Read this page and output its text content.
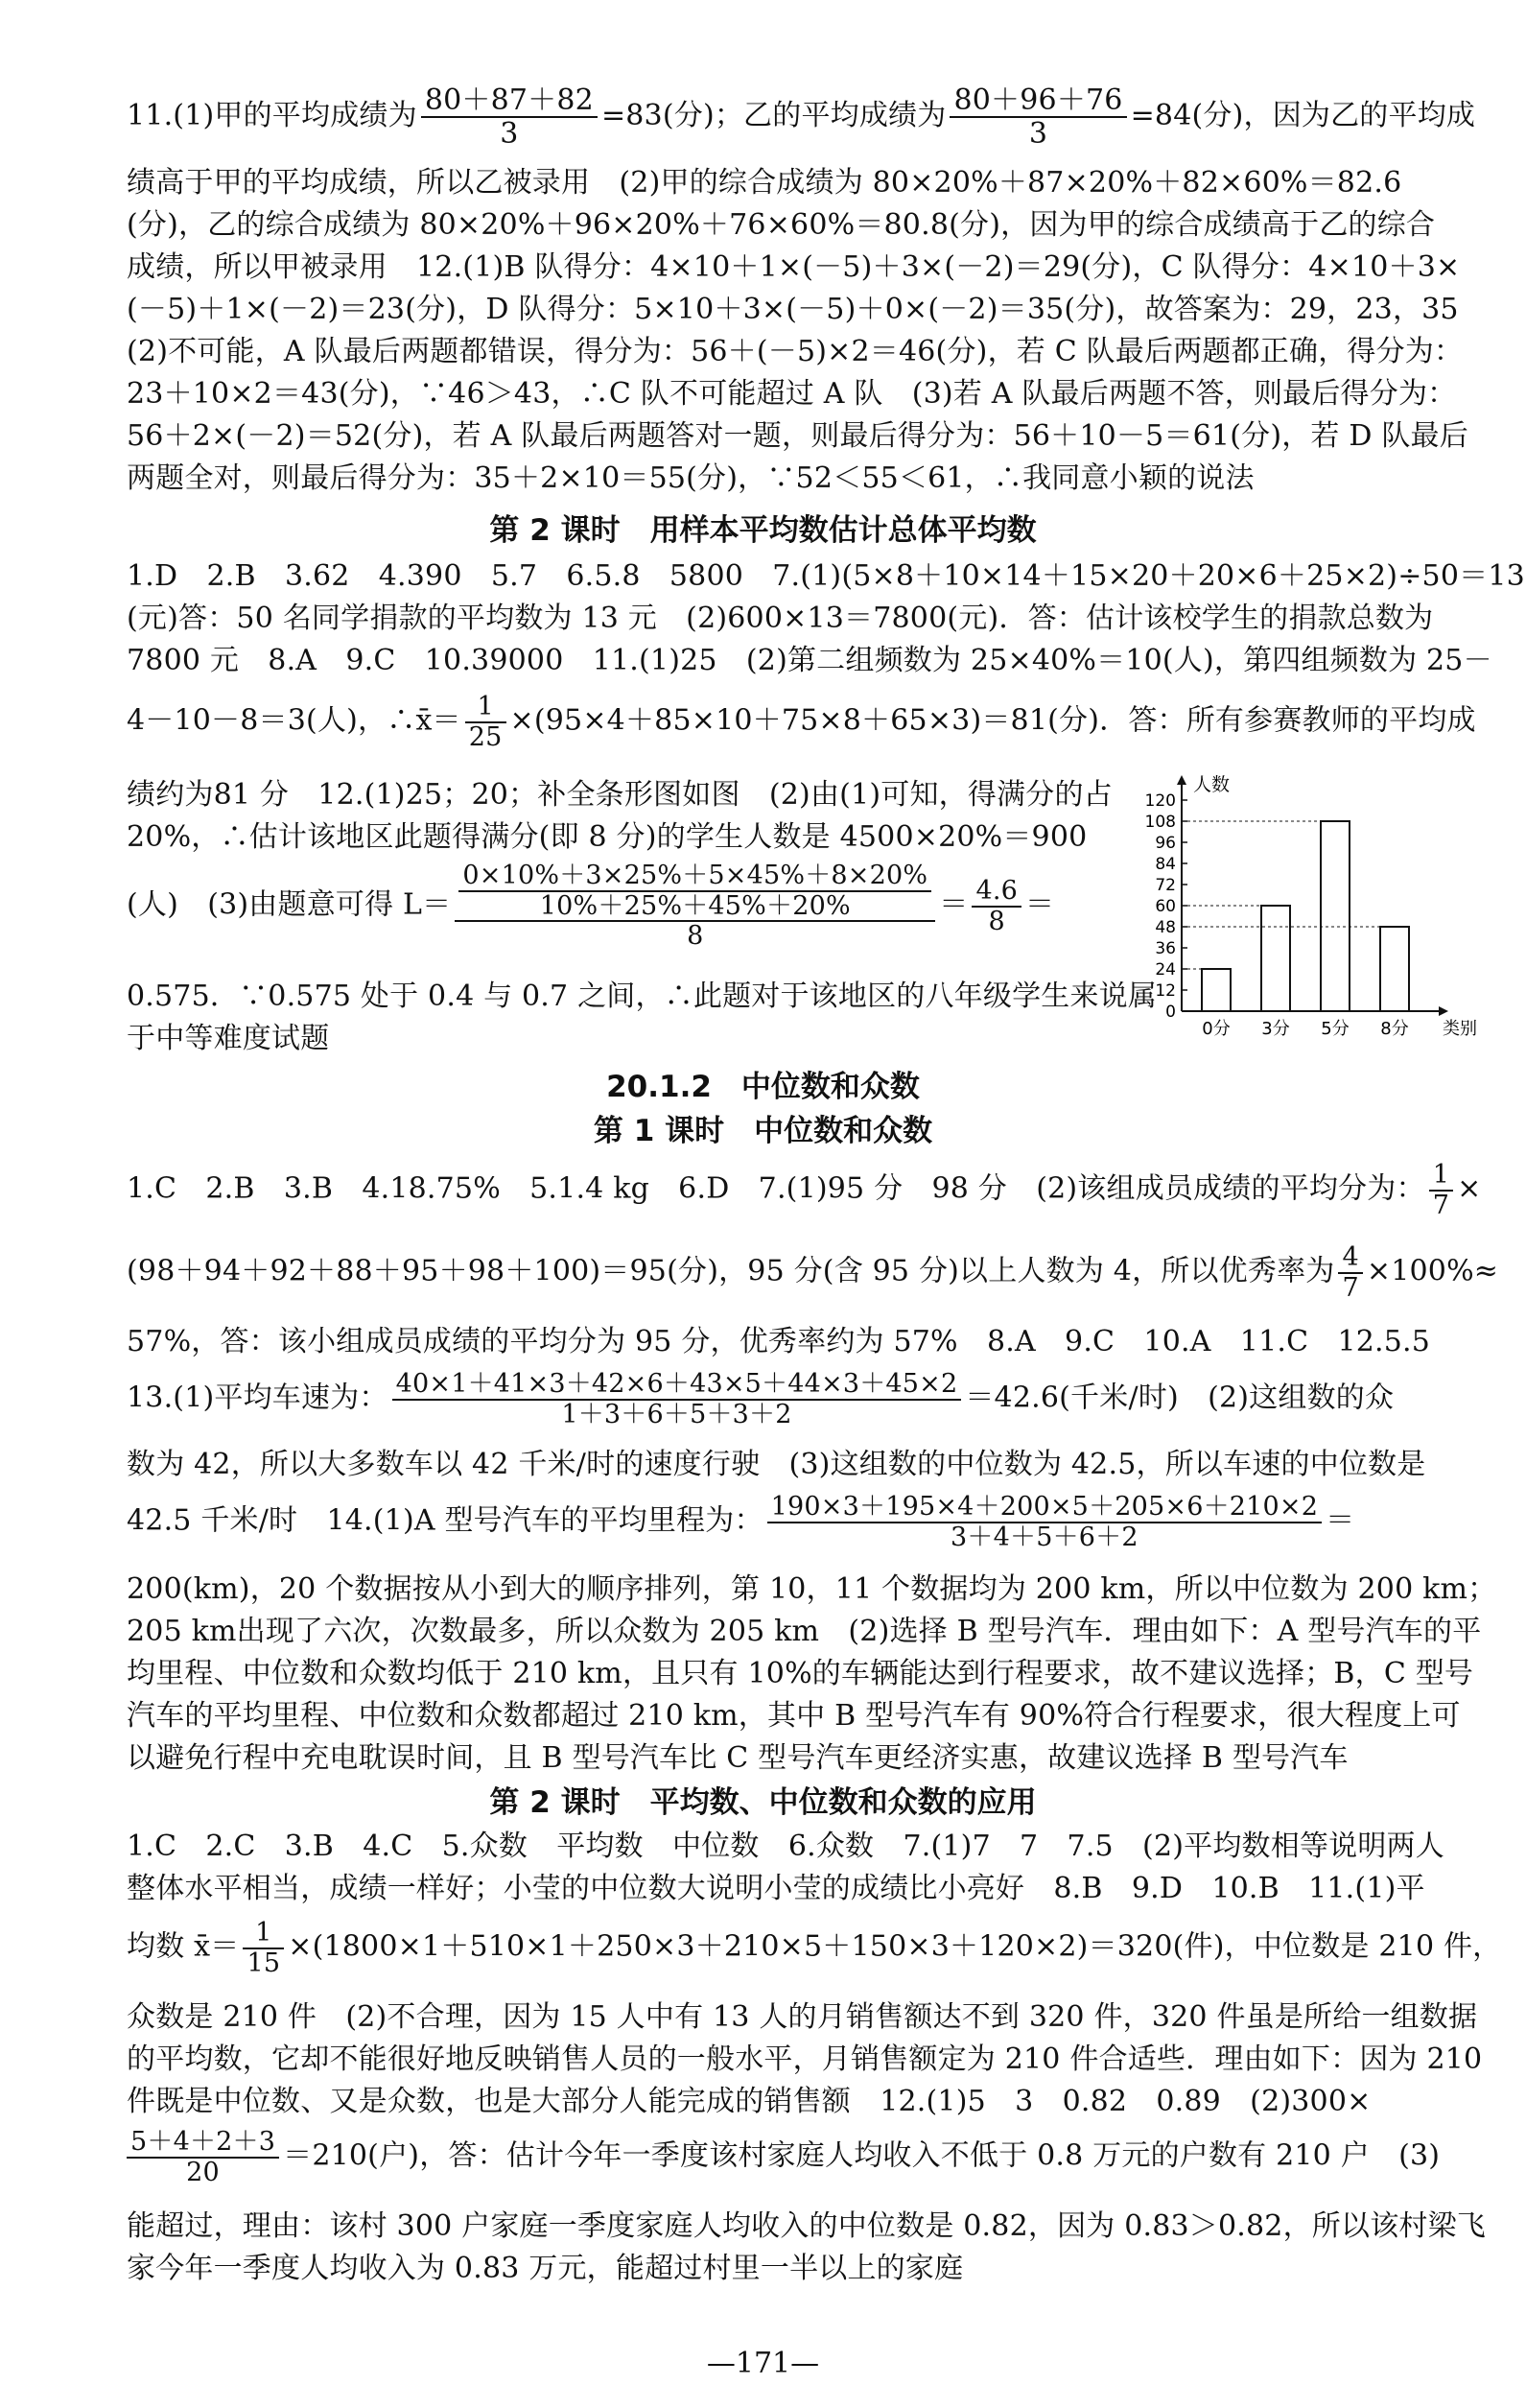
11.(1)甲的平均成绩为 $\frac{80+87+82}{3} =83$(分)；乙的平均成绩为 $\frac{80+96+76}{3} =84$(分)，因为乙的平均成
绩高于甲的平均成绩，所以乙被录用　(2)甲的综合成绩为 80×20%＋87×20%＋82×60%＝82.6
(分)，乙的综合成绩为 80×20%＋96×20%＋76×60%＝80.8(分)，因为甲的综合成绩高于乙的综合
成绩，所以甲被录用　12.(1)B 队得分：4×10＋1×(－5)＋3×(－2)＝29(分)，C 队得分：4×10＋3×
(－5)＋1×(－2)＝23(分)，D 队得分：5×10＋3×(－5)＋0×(－2)＝35(分)，故答案为：29，23，35
(2)不可能，A 队最后两题都错误，得分为：56＋(－5)×2＝46(分)，若 C 队最后两题都正确，得分为：
23＋10×2＝43(分)，∵46＞43，∴C 队不可能超过 A 队　(3)若 A 队最后两题不答，则最后得分为：
56＋2×(－2)＝52(分)，若 A 队最后两题答对一题，则最后得分为：56＋10－5＝61(分)，若 D 队最后
两题全对，则最后得分为：35＋2×10＝55(分)，∵52＜55＜61，∴我同意小颖的说法
第 2 课时　用样本平均数估计总体平均数
1.D　2.B　3.62　4.390　5.7　6.5.8　5800　7.(1)(5×8＋10×14＋15×20＋20×6＋25×2)÷50＝13
(元)答：50 名同学捐款的平均数为 13 元　(2)600×13＝7800(元)．答：估计该校学生的捐款总数为
7800 元　8.A　9.C　10.39000　11.(1)25　(2)第二组频数为 25×40%＝10(人)，第四组频数为 25－
4－10－8＝3(人)，∴x̄＝ $\frac{1}{25} \times(95\times 4+85\times 10+75\times 8+65\times 3)=81$(分)．答：所有参赛教师的平均成
绩约为81 分　12.(1)25；20；补全条形图如图　(2)由(1)可知，得满分的占
20%，∴估计该地区此题得满分(即 8 分)的学生人数是 4500×20%＝900
(人)　(3)由题意可得 $L= \frac{\frac{0\times 10\%+3\times 25\%+5\times 45\%+8\times 20\%}{10\%+25\%+45\%+20\%}}{8} = \frac{4.6}{8}$ ＝
0.575．∵0.575 处于 0.4 与 0.7 之间，∴此题对于该地区的八年级学生来说属
于中等难度试题
0
12
24
36
48
60
72
84
96
108
120
0分 3分 5分 8分
人数
类别
20.1.2　中位数和众数
第 1 课时　中位数和众数
1.C　2.B　3.B　4.18.75%　5.1.4 kg　6.D　7.(1)95 分　98 分　(2)该组成员成绩的平均分为： $\frac{1}{7}$ ×
(98＋94＋92＋88＋95＋98＋100)＝95(分)，95 分(含 95 分)以上人数为 4，所以优秀率为 $\frac{4}{7} \times 100\%\approx$
57%，答：该小组成员成绩的平均分为 95 分，优秀率约为 57%　8.A　9.C　10.A　11.C　12.5.5
13.(1)平均车速为： $\frac{40\times 1+41\times 3+42\times 6+43\times 5+44\times 3+45\times 2}{1+3+6+5+3+2} =42.6$(千米/时)　(2)这组数的众
数为 42，所以大多数车以 42 千米/时的速度行驶　(3)这组数的中位数为 42.5，所以车速的中位数是
42.5 千米/时　14.(1)A 型号汽车的平均里程为： $\frac{190\times 3+195\times 4+200\times 5+205\times 6+210\times 2}{3+4+5+6+2}$ ＝
200(km)，20 个数据按从小到大的顺序排列，第 10，11 个数据均为 200 km，所以中位数为 200 km；
205 km出现了六次，次数最多，所以众数为 205 km　(2)选择 B 型号汽车．理由如下：A 型号汽车的平
均里程、中位数和众数均低于 210 km，且只有 10%的车辆能达到行程要求，故不建议选择；B，C 型号
汽车的平均里程、中位数和众数都超过 210 km，其中 B 型号汽车有 90%符合行程要求，很大程度上可
以避免行程中充电耽误时间，且 B 型号汽车比 C 型号汽车更经济实惠，故建议选择 B 型号汽车
第 2 课时　平均数、中位数和众数的应用
1.C　2.C　3.B　4.C　5.众数　平均数　中位数　6.众数　7.(1)7　7　7.5　(2)平均数相等说明两人
整体水平相当，成绩一样好；小莹的中位数大说明小莹的成绩比小亮好　8.B　9.D　10.B　11.(1)平
均数 x̄＝ $\frac{1}{15} \times(1800\times 1+510\times 1+250\times 3+210\times 5+150\times 3+120\times 2)=320$(件)，中位数是 210 件，
众数是 210 件　(2)不合理，因为 15 人中有 13 人的月销售额达不到 320 件，320 件虽是所给一组数据
的平均数，它却不能很好地反映销售人员的一般水平，月销售额定为 210 件合适些．理由如下：因为 210
件既是中位数、又是众数，也是大部分人能完成的销售额　12.(1)5　3　0.82　0.89　(2)300×
$\frac{5+4+2+3}{20} =210$(户)，答：估计今年一季度该村家庭人均收入不低于 0.8 万元的户数有 210 户　(3)
能超过，理由：该村 300 户家庭一季度家庭人均收入的中位数是 0.82，因为 0.83＞0.82，所以该村梁飞
家今年一季度人均收入为 0.83 万元，能超过村里一半以上的家庭
—171—
